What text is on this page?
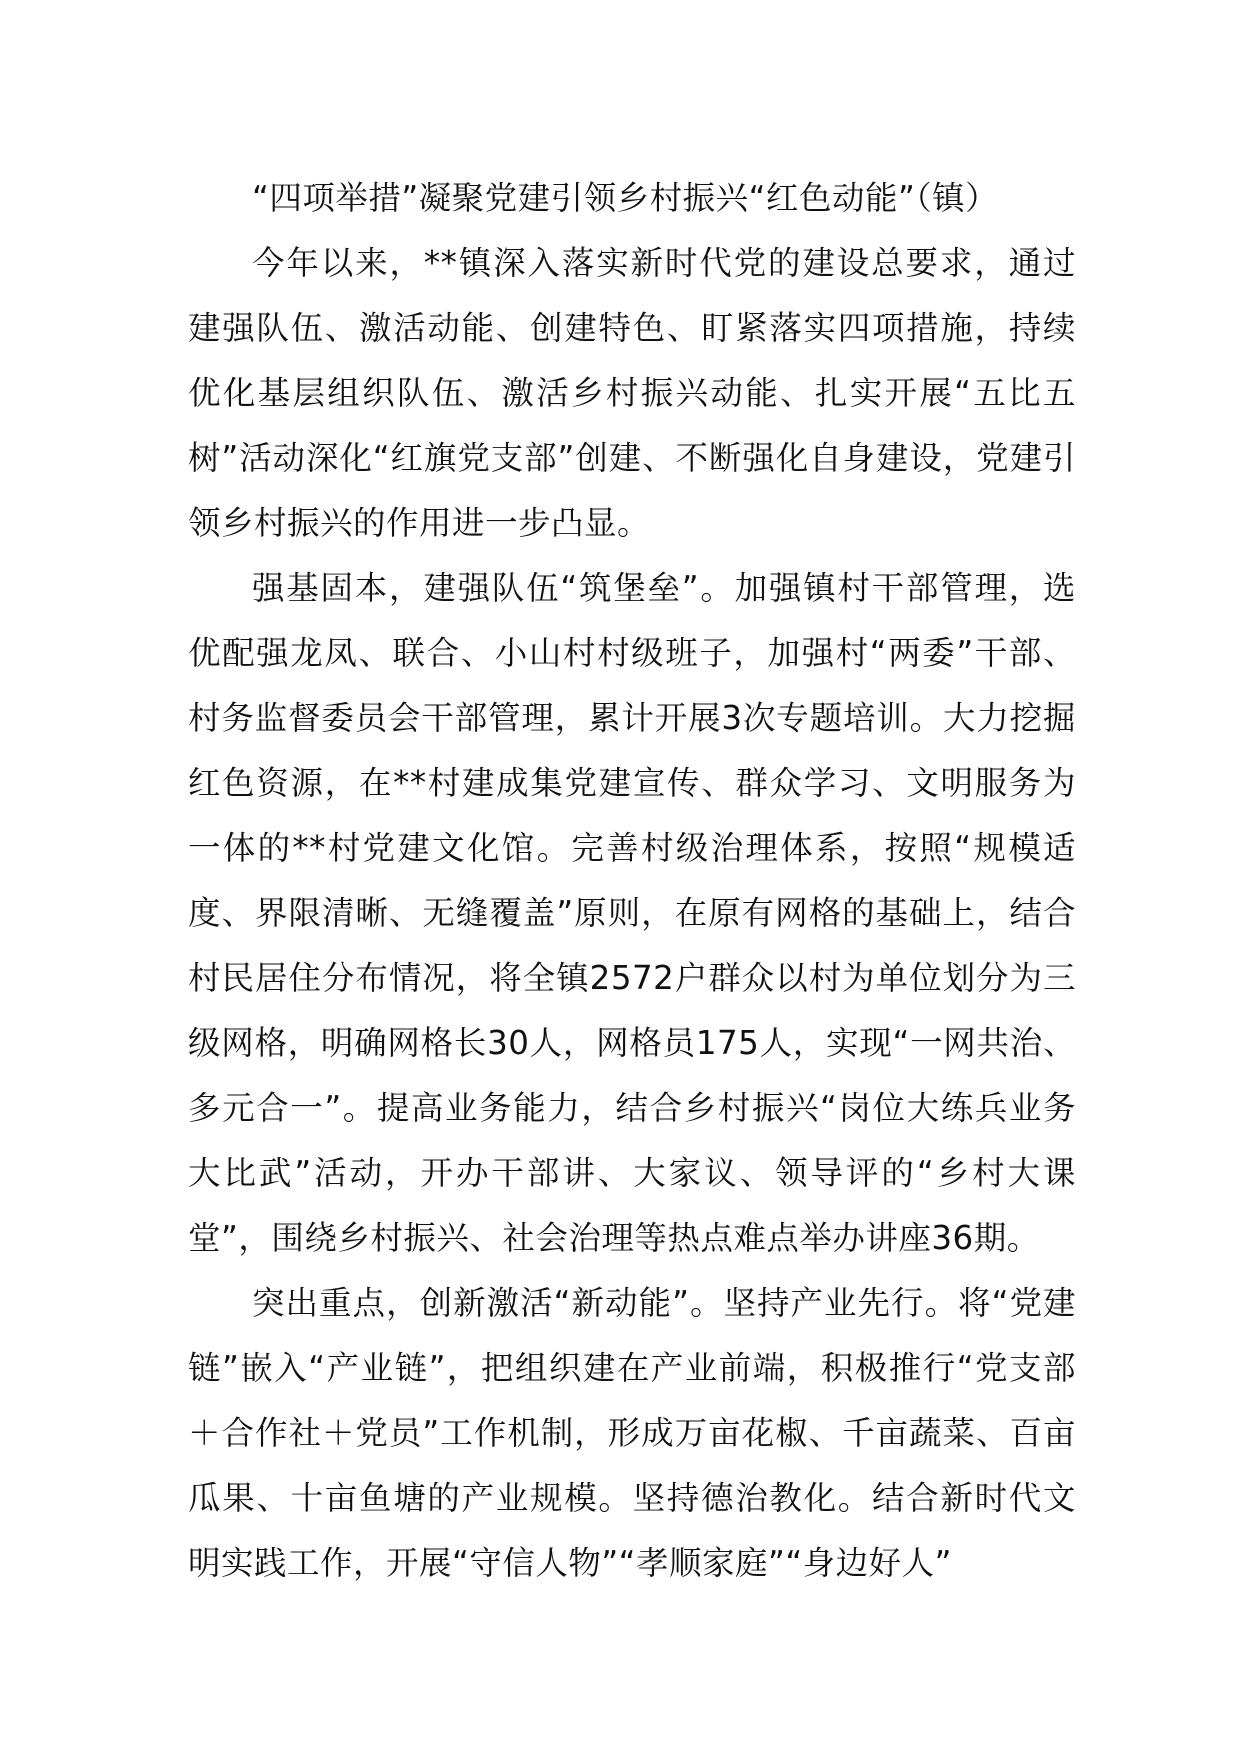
“四项举措”凝聚党建引领乡村振兴“红色动能”（镇）

今年以来，**镇深入落实新时代党的建设总要求，通过建强队伍、激活动能、创建特色、盯紧落实四项措施，持续优化基层组织队伍、激活乡村振兴动能、扎实开展“五比五树”活动深化“红旗党支部”创建、不断强化自身建设，党建引领乡村振兴的作用进一步凸显。

强基固本，建强队伍“筑堡垒”。加强镇村干部管理，选优配强龙凤、联合、小山村村级班子，加强村“两委”干部、村务监督委员会干部管理，累计开展3次专题培训。大力挖掘红色资源，在**村建成集党建宣传、群众学习、文明服务为一体的**村党建文化馆。完善村级治理体系，按照“规模适度、界限清晰、无缝覆盖”原则，在原有网格的基础上，结合村民居住分布情况，将全镇2572户群众以村为单位划分为三级网格，明确网格长30人，网格员175人，实现“一网共治、多元合一”。提高业务能力，结合乡村振兴“岗位大练兵业务大比武”活动，开办干部讲、大家议、领导评的“乡村大课堂”，围绕乡村振兴、社会治理等热点难点举办讲座36期。

突出重点，创新激活“新动能”。坚持产业先行。将“党建链”嵌入“产业链”，把组织建在产业前端，积极推行“党支部＋合作社＋党员”工作机制，形成万亩花椒、千亩蔬菜、百亩瓜果、十亩鱼塘的产业规模。坚持德治教化。结合新时代文明实践工作，开展“守信人物”“孝顺家庭”“身边好人”
